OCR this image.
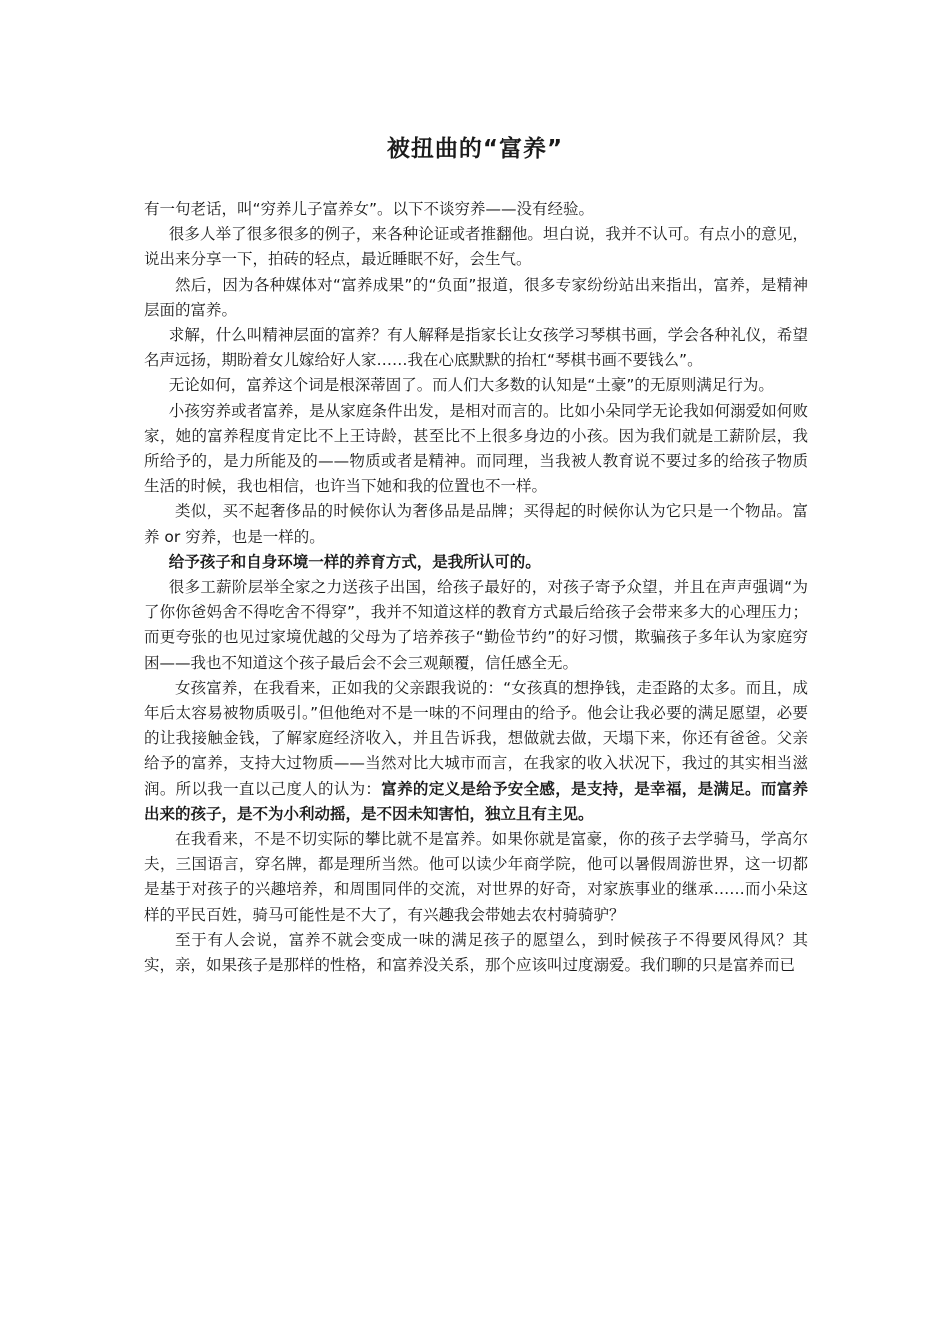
被扭曲的“富养”

有一句老话，叫“穷养儿子富养女”。以下不谈穷养——没有经验。

很多人举了很多很多的例子，来各种论证或者推翻他。坦白说，我并不认可。有点小的意见，说出来分享一下，拍砖的轻点，最近睡眠不好，会生气。

然后，因为各种媒体对“富养成果”的“负面”报道，很多专家纷纷站出来指出，富养，是精神层面的富养。

求解，什么叫精神层面的富养？有人解释是指家长让女孩学习琴棋书画，学会各种礼仪，希望名声远扬，期盼着女儿嫁给好人家……我在心底默默的抬杠“琴棋书画不要钱么”。

无论如何，富养这个词是根深蒂固了。而人们大多数的认知是“土豪”的无原则满足行为。

小孩穷养或者富养，是从家庭条件出发，是相对而言的。比如小朵同学无论我如何溺爱如何败家，她的富养程度肯定比不上王诗龄，甚至比不上很多身边的小孩。因为我们就是工薪阶层，我所给予的，是力所能及的——物质或者是精神。而同理，当我被人教育说不要过多的给孩子物质生活的时候，我也相信，也许当下她和我的位置也不一样。

类似，买不起奢侈品的时候你认为奢侈品是品牌；买得起的时候你认为它只是一个物品。富养 or 穷养，也是一样的。

给予孩子和自身环境一样的养育方式，是我所认可的。

很多工薪阶层举全家之力送孩子出国，给孩子最好的，对孩子寄予众望，并且在声声强调“为了你你爸妈舍不得吃舍不得穿”，我并不知道这样的教育方式最后给孩子会带来多大的心理压力；而更夸张的也见过家境优越的父母为了培养孩子“勤俭节约”的好习惯，欺骗孩子多年认为家庭穷困——我也不知道这个孩子最后会不会三观颠覆，信任感全无。

女孩富养，在我看来，正如我的父亲跟我说的：“女孩真的想挣钱，走歪路的太多。而且，成年后太容易被物质吸引。”但他绝对不是一味的不问理由的给予。他会让我必要的满足愿望，必要的让我接触金钱，了解家庭经济收入，并且告诉我，想做就去做，天塌下来，你还有爸爸。父亲给予的富养，支持大过物质——当然对比大城市而言，在我家的收入状况下，我过的其实相当滋润。所以我一直以己度人的认为：富养的定义是给予安全感，是支持，是幸福，是满足。而富养出来的孩子，是不为小利动摇，是不因未知害怕，独立且有主见。

在我看来，不是不切实际的攀比就不是富养。如果你就是富豪，你的孩子去学骑马，学高尔夫，三国语言，穿名牌，都是理所当然。他可以读少年商学院，他可以暑假周游世界，这一切都是基于对孩子的兴趣培养，和周围同伴的交流，对世界的好奇，对家族事业的继承……而小朵这样的平民百姓，骑马可能性是不大了，有兴趣我会带她去农村骑骑驴？

至于有人会说，富养不就会变成一味的满足孩子的愿望么，到时候孩子不得要风得风？其实，亲，如果孩子是那样的性格，和富养没关系，那个应该叫过度溺爱。我们聊的只是富养而已
